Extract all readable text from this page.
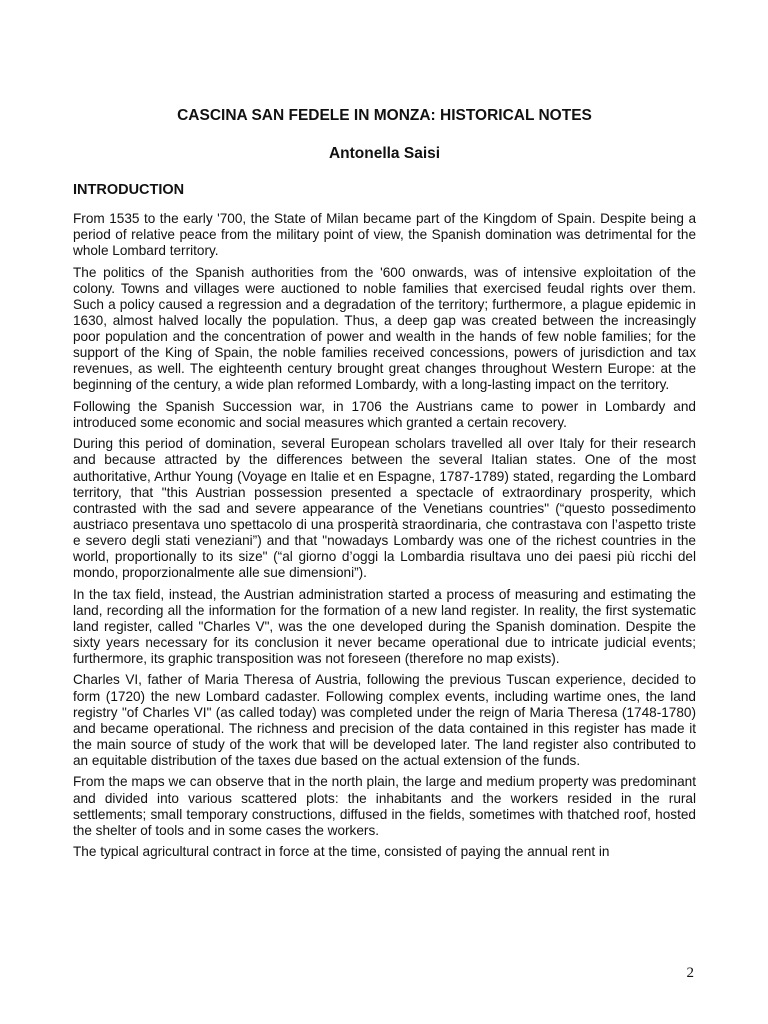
CASCINA SAN FEDELE IN MONZA: HISTORICAL NOTES
Antonella Saisi
INTRODUCTION

From 1535 to the early '700, the State of Milan became part of the Kingdom of Spain. Despite being a period of relative peace from the military point of view, the Spanish domination was detrimental for the whole Lombard territory.

The politics of the Spanish authorities from the '600 onwards, was of intensive exploitation of the colony. Towns and villages were auctioned to noble families that exercised feudal rights over them. Such a policy caused a regression and a degradation of the territory; furthermore, a plague epidemic in 1630, almost halved locally the population. Thus, a deep gap was created between the increasingly poor population and the concentration of power and wealth in the hands of few noble families; for the support of the King of Spain, the noble families received concessions, powers of jurisdiction and tax revenues, as well. The eighteenth century brought great changes throughout Western Europe: at the beginning of the century, a wide plan reformed Lombardy, with a long-lasting impact on the territory.

Following the Spanish Succession war, in 1706 the Austrians came to power in Lombardy and introduced some economic and social measures which granted a certain recovery.

During this period of domination, several European scholars travelled all over Italy for their research and because attracted by the differences between the several Italian states. One of the most authoritative, Arthur Young (Voyage en Italie et en Espagne, 1787-1789) stated, regarding the Lombard territory, that "this Austrian possession presented a spectacle of extraordinary prosperity, which contrasted with the sad and severe appearance of the Venetians countries" (“questo possedimento austriaco presentava uno spettacolo di una prosperità straordinaria, che contrastava con l’aspetto triste e severo degli stati veneziani”) and that "nowadays Lombardy was one of the richest countries in the world, proportionally to its size" (“al giorno d’oggi la Lombardia risultava uno dei paesi più ricchi del mondo, proporzionalmente alle sue dimensioni”).

In the tax field, instead, the Austrian administration started a process of measuring and estimating the land, recording all the information for the formation of a new land register. In reality, the first systematic land register, called "Charles V", was the one developed during the Spanish domination. Despite the sixty years necessary for its conclusion it never became operational due to intricate judicial events; furthermore, its graphic transposition was not foreseen (therefore no map exists).

Charles VI, father of Maria Theresa of Austria, following the previous Tuscan experience, decided to form (1720) the new Lombard cadaster. Following complex events, including wartime ones, the land registry "of Charles VI" (as called today) was completed under the reign of Maria Theresa (1748-1780) and became operational. The richness and precision of the data contained in this register has made it the main source of study of the work that will be developed later. The land register also contributed to an equitable distribution of the taxes due based on the actual extension of the funds.

From the maps we can observe that in the north plain, the large and medium property was predominant and divided into various scattered plots: the inhabitants and the workers resided in the rural settlements; small temporary constructions, diffused in the fields, sometimes with thatched roof, hosted the shelter of tools and in some cases the workers.

The typical agricultural contract in force at the time, consisted of paying the annual rent in

2
